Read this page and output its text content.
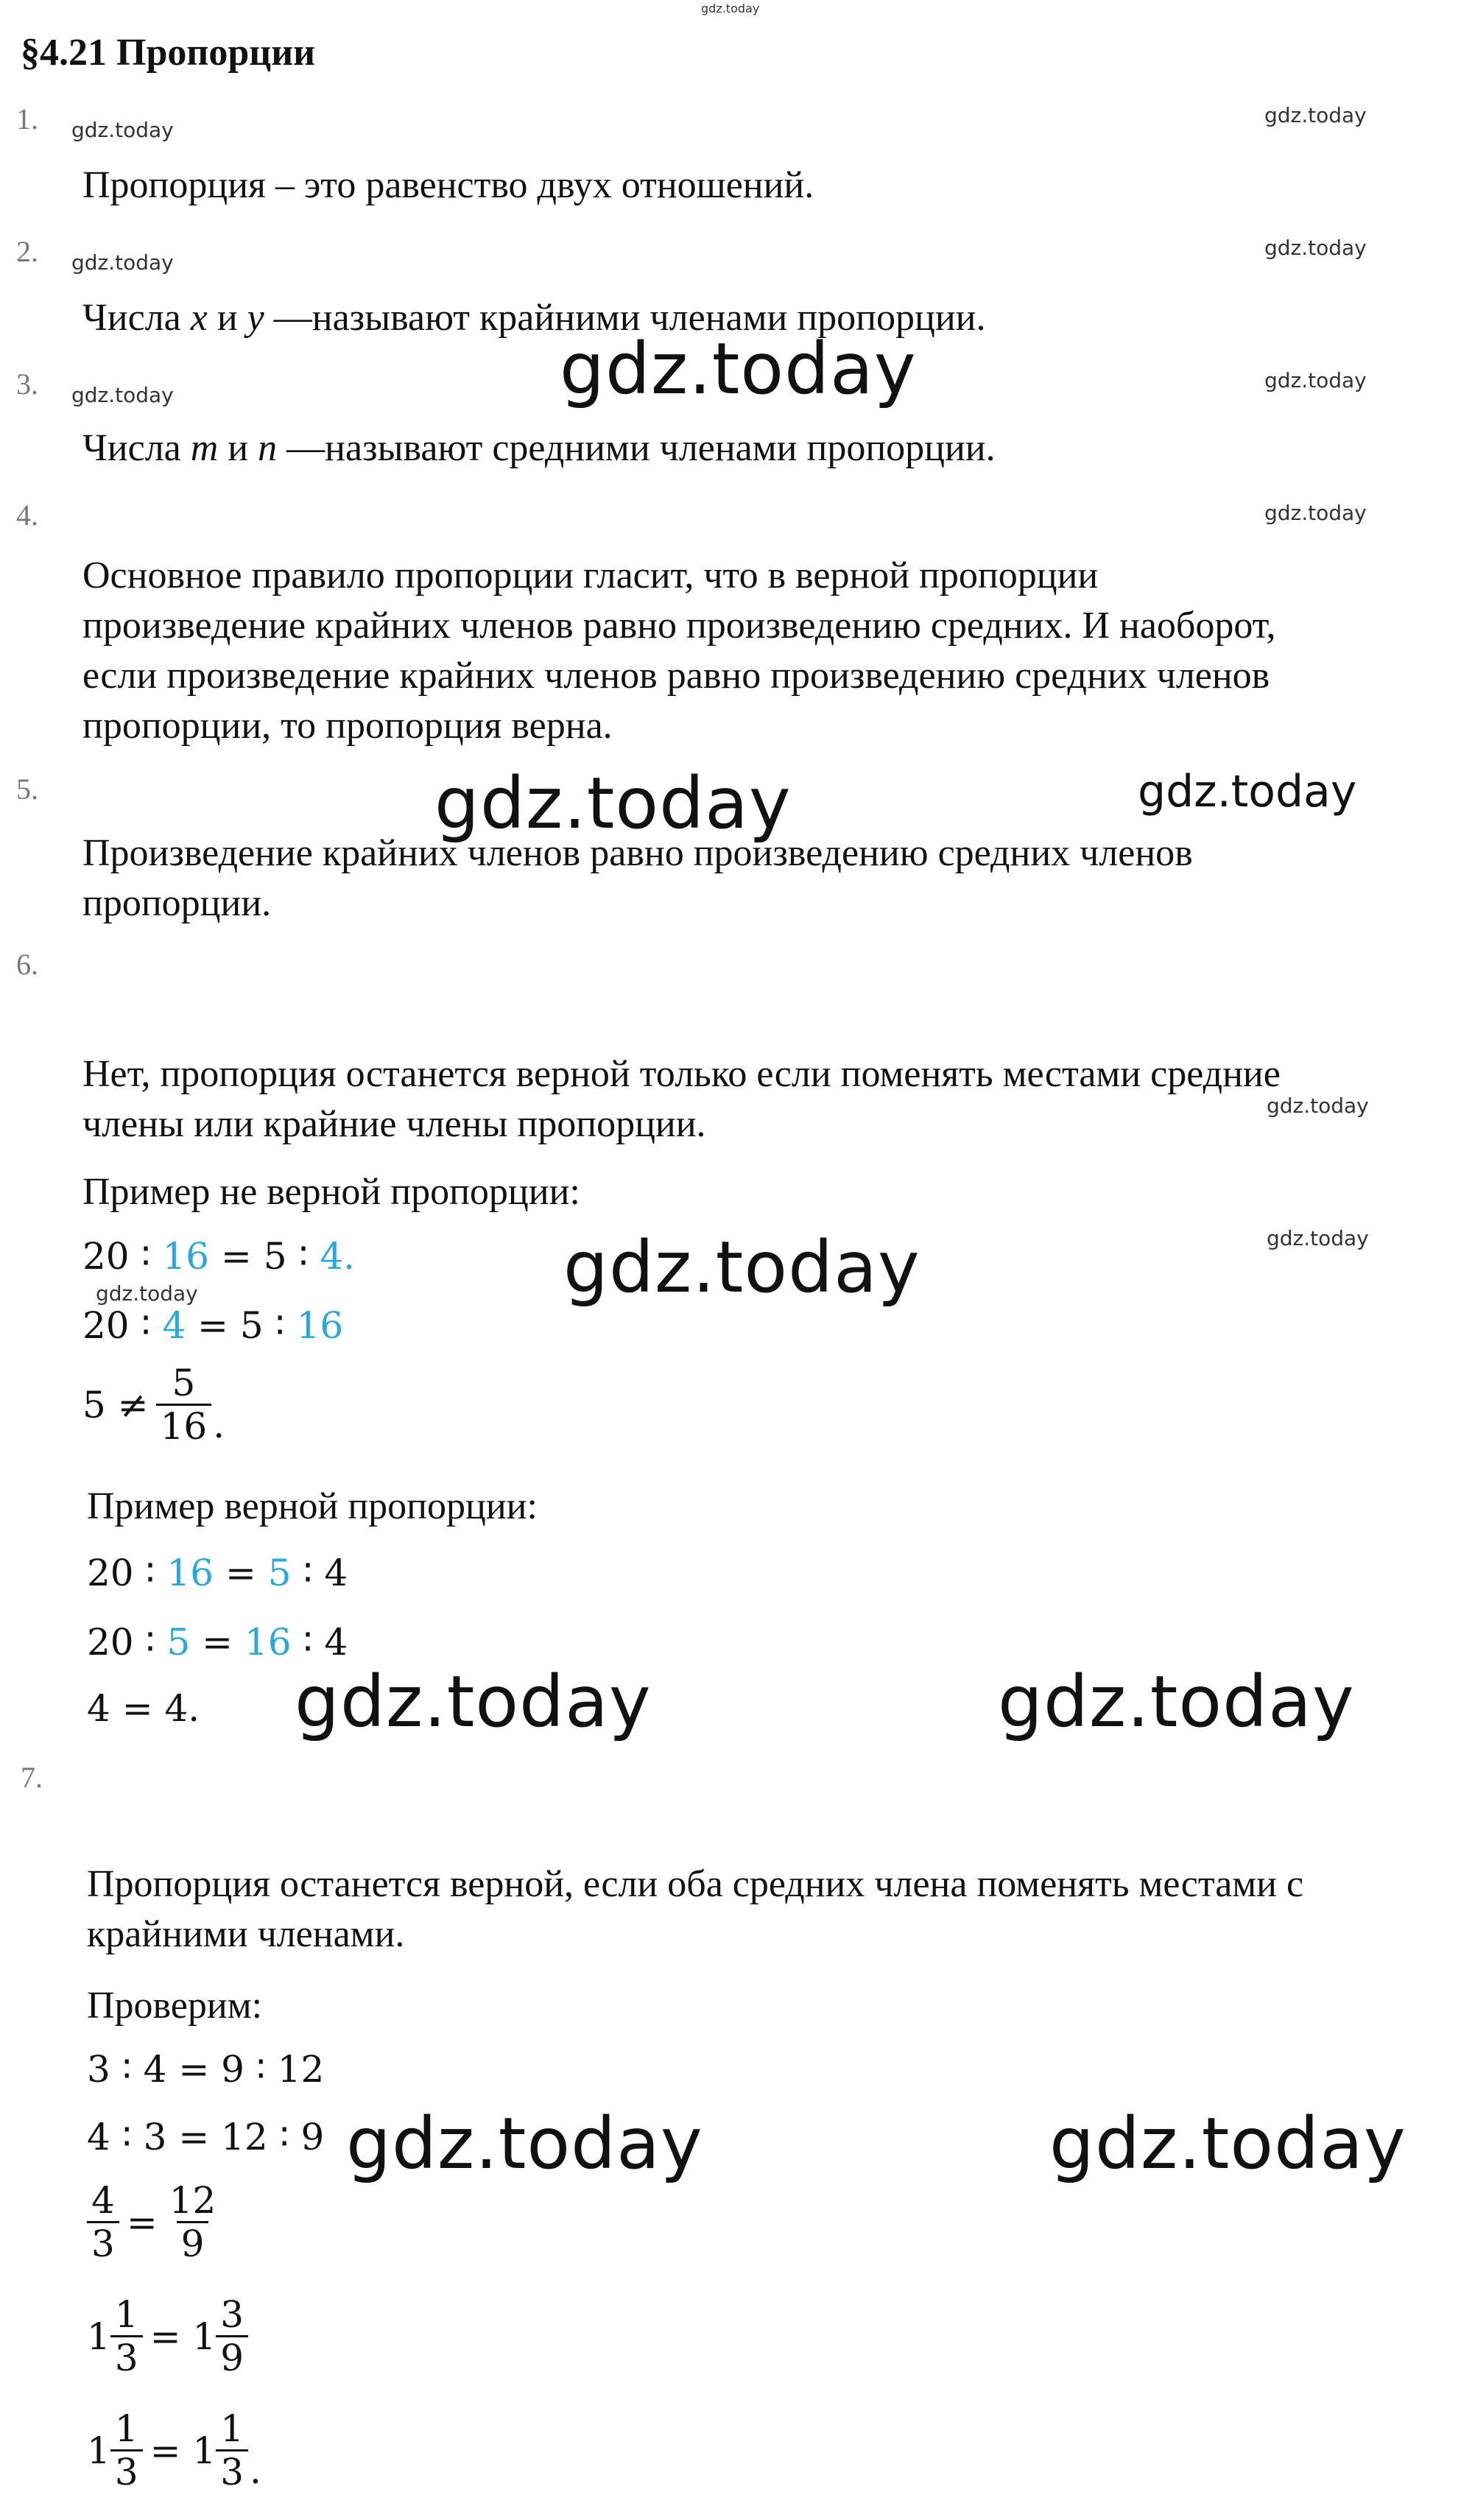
gdz.today
gdz.today
gdz.today
gdz.today
gdz.today
gdz.today
gdz.today
gdz.today
gdz.today
gdz.today
gdz.today
gdz.today
gdz.today	gdz.today
gdz.today
gdz.today	gdz.today
gdz.today	gdz.today
§4.21 Пропорции
1.
Пропорция – это равенство двух отношений.
2.
Числа x и y —называют крайними членами пропорции.
3.
Числа m и n —называют средними членами пропорции.
4.
Основное правило пропорции гласит, что в верной пропорции
произведение крайних членов равно произведению средних. И наоборот,
если произведение крайних членов равно произведению средних членов
пропорции, то пропорция верна.
5.
Произведение крайних членов равно произведению средних членов
пропорции.
6.
Нет, пропорция останется верной только если поменять местами средние
члены или крайние члены пропорции.
Пример не верной пропорции:
20 ∶ 16 = 5 ∶ 4.
20 ∶ 4 = 5 ∶ 16
$5 \ne \frac{5}{16}$ .
Пример верной пропорции:
20 ∶ 16 = 5 ∶ 4
20 ∶ 5 = 16 ∶ 4
4 = 4.
7.
Пропорция останется верной, если оба средних члена поменять местами с
крайними членами.
Проверим:
3 ∶ 4 = 9 ∶ 12
4 ∶ 3 = 12 ∶ 9
$\frac{4}{3} = \frac{12}{9}$
$1 \frac{1}{3} = 1 \frac{3}{9}$
$1 \frac{1}{3} = 1 \frac{1}{3}$ .
